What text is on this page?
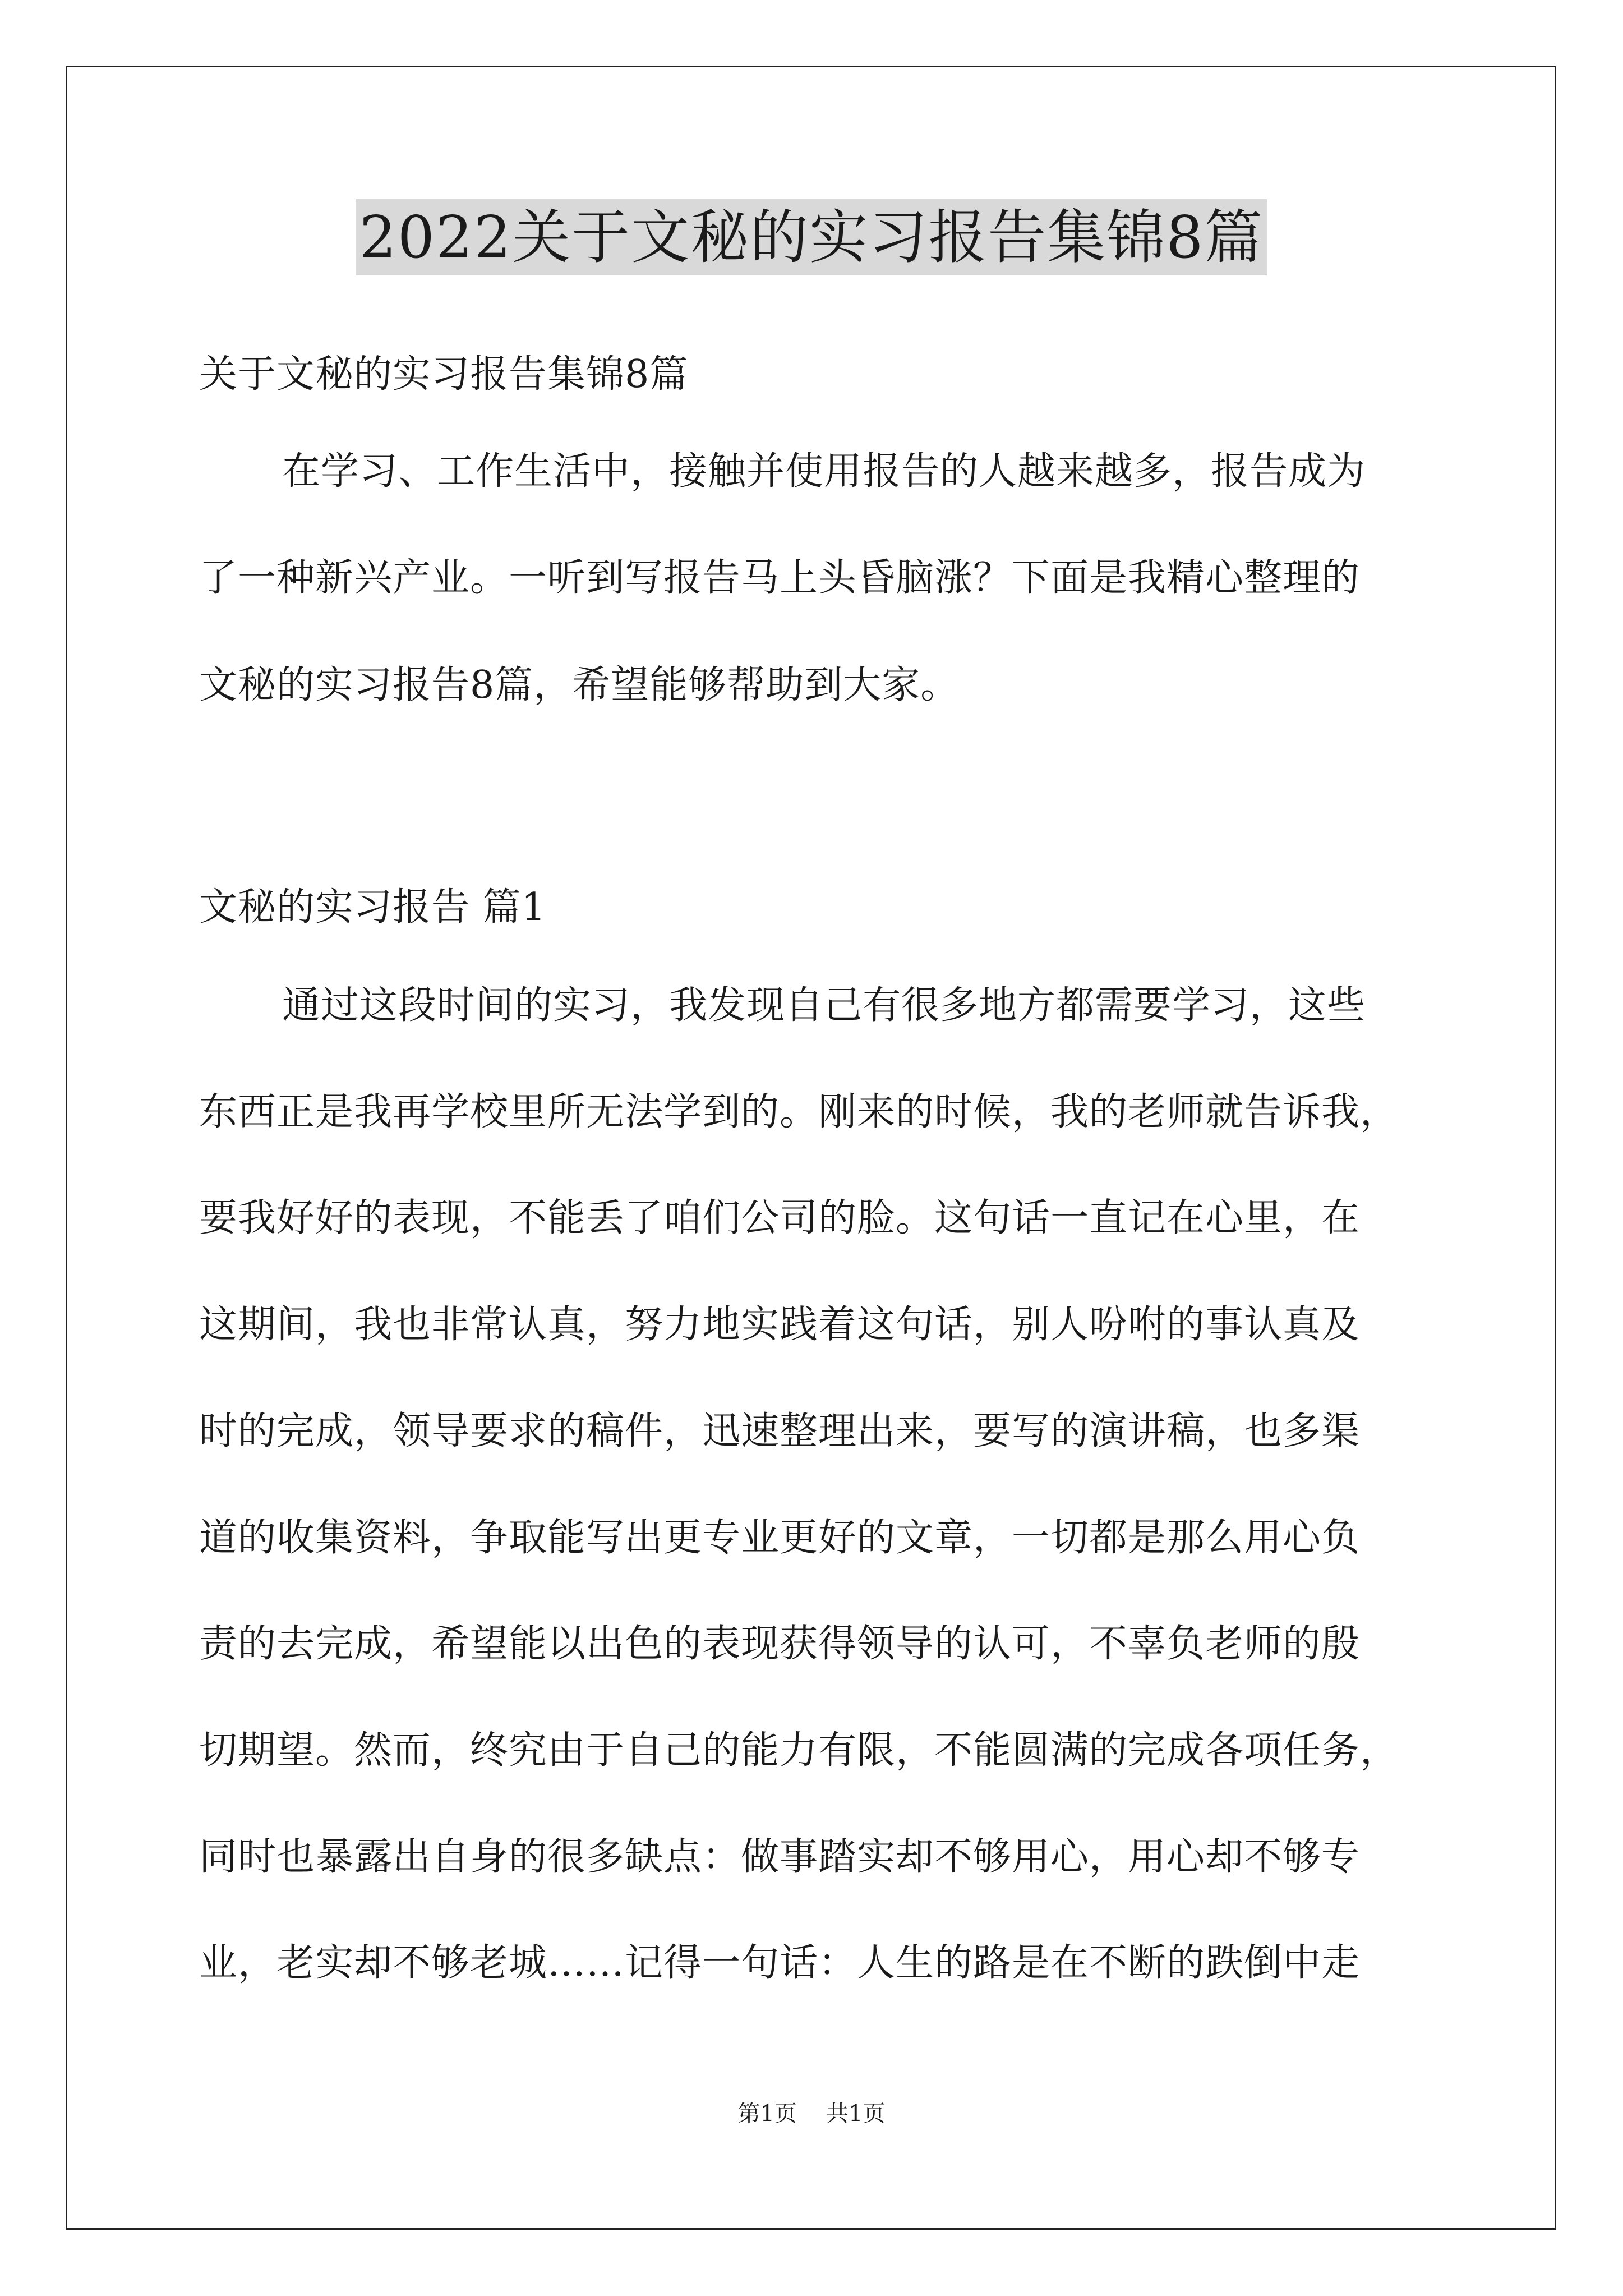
2022关于文秘的实习报告集锦8篇
关于文秘的实习报告集锦8篇
在学习、工作生活中，接触并使用报告的人越来越多，报告成为
了一种新兴产业。一听到写报告马上头昏脑涨？下面是我精心整理的
文秘的实习报告8篇，希望能够帮助到大家。
文秘的实习报告 篇1
通过这段时间的实习，我发现自己有很多地方都需要学习，这些
东西正是我再学校里所无法学到的。刚来的时候，我的老师就告诉我，
要我好好的表现，不能丢了咱们公司的脸。这句话一直记在心里，在
这期间，我也非常认真，努力地实践着这句话，别人吩咐的事认真及
时的完成，领导要求的稿件，迅速整理出来，要写的演讲稿，也多渠
道的收集资料，争取能写出更专业更好的文章，一切都是那么用心负
责的去完成，希望能以出色的表现获得领导的认可，不辜负老师的殷
切期望。然而，终究由于自己的能力有限，不能圆满的完成各项任务，
同时也暴露出自身的很多缺点：做事踏实却不够用心，用心却不够专
业，老实却不够老城……记得一句话：人生的路是在不断的跌倒中走
第1页 共1页
